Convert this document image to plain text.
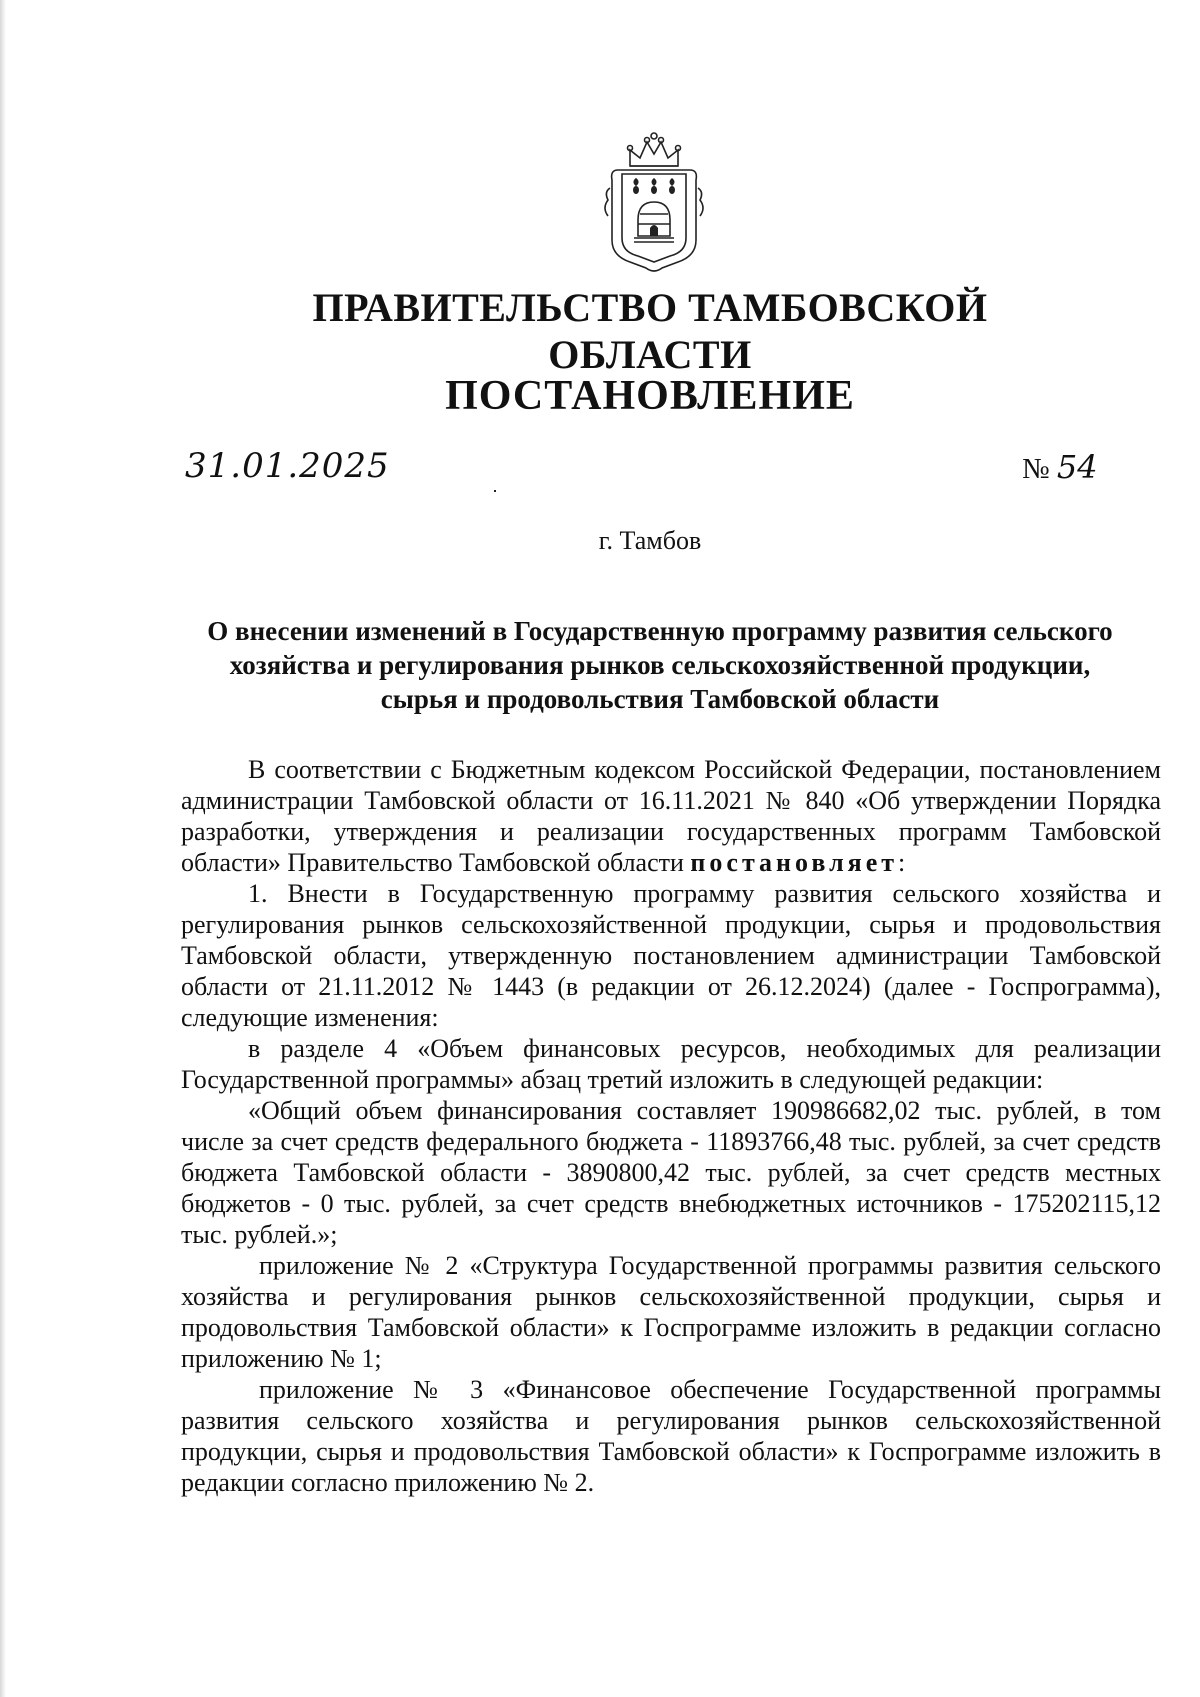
ПРАВИТЕЛЬСТВО ТАМБОВСКОЙ ОБЛАСТИ
ПОСТАНОВЛЕНИЕ
31.01.2025	№ 54
г. Тамбов
О внесении изменений в Государственную программу развития сельского
хозяйства и регулирования рынков сельскохозяйственной продукции,
сырья и продовольствия Тамбовской области

В соответствии с Бюджетным кодексом Российской Федерации, постановлением администрации Тамбовской области от 16.11.2021 № 840 «Об утверждении Порядка разработки, утверждения и реализации государственных программ Тамбовской области» Правительство Тамбовской области постановляет:

1. Внести в Государственную программу развития сельского хозяйства и регулирования рынков сельскохозяйственной продукции, сырья и продовольствия Тамбовской области, утвержденную постановлением администрации Тамбовской области от 21.11.2012 № 1443 (в редакции от 26.12.2024) (далее - Госпрограмма), следующие изменения:

в разделе 4 «Объем финансовых ресурсов, необходимых для реализации Государственной программы» абзац третий изложить в следующей редакции:

«Общий объем финансирования составляет 190986682,02 тыс. рублей, в том числе за счет средств федерального бюджета - 11893766,48 тыс. рублей, за счет средств бюджета Тамбовской области - 3890800,42 тыс. рублей, за счет средств местных бюджетов - 0 тыс. рублей, за счет средств внебюджетных источников - 175202115,12 тыс. рублей.»;

приложение № 2 «Структура Государственной программы развития сельского хозяйства и регулирования рынков сельскохозяйственной продукции, сырья и продовольствия Тамбовской области» к Госпрограмме изложить в редакции согласно приложению № 1;

приложение № 3 «Финансовое обеспечение Государственной программы развития сельского хозяйства и регулирования рынков сельскохозяйственной продукции, сырья и продовольствия Тамбовской области» к Госпрограмме изложить в редакции согласно приложению № 2.
